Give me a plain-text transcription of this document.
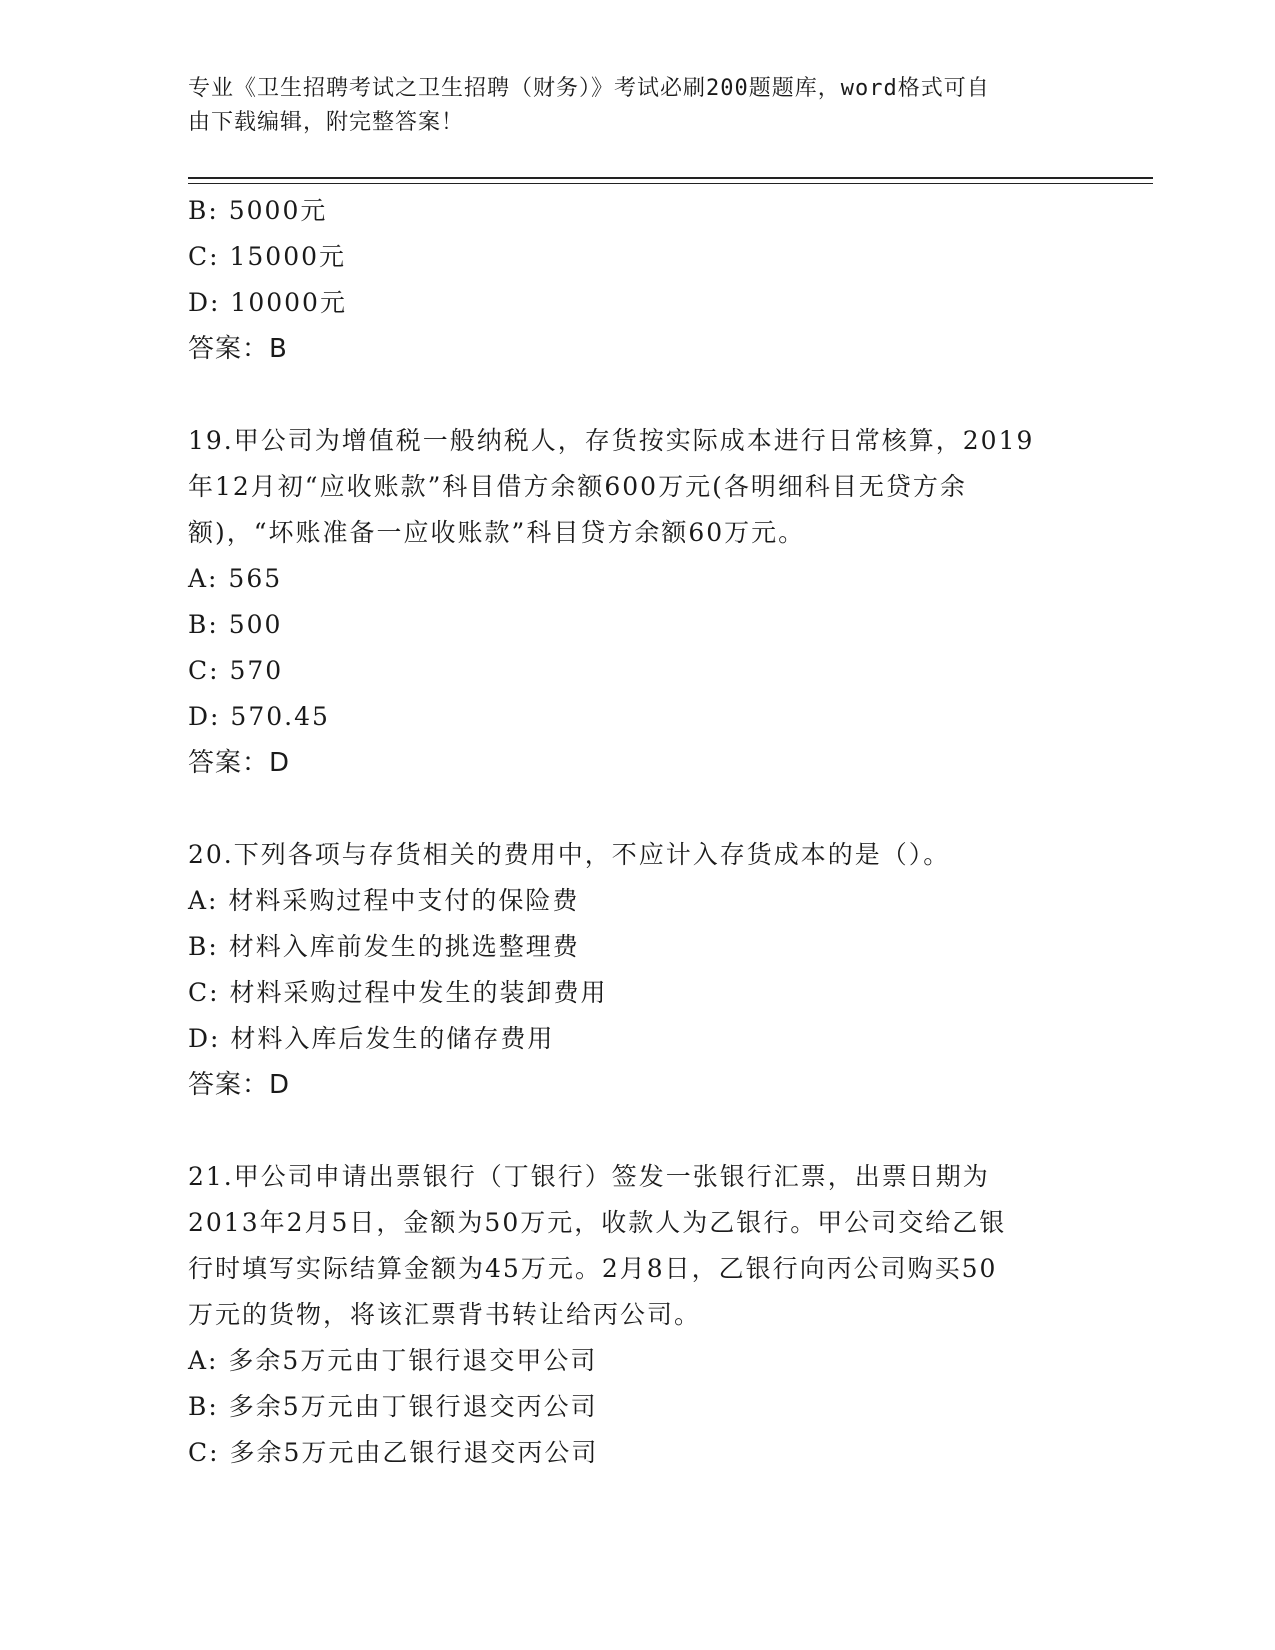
专业《卫生招聘考试之卫生招聘（财务）》考试必刷200题题库，word格式可自
由下载编辑，附完整答案！
B: 5000元
C: 15000元
D: 10000元
答案：B
19.甲公司为增值税一般纳税人，存货按实际成本进行日常核算，2019
年12月初“应收账款”科目借方余额600万元(各明细科目无贷方余
额)，“坏账准备一应收账款”科目贷方余额60万元。
A: 565
B: 500
C: 570
D: 570.45
答案：D
20.下列各项与存货相关的费用中，不应计入存货成本的是（）。
A: 材料采购过程中支付的保险费
B: 材料入库前发生的挑选整理费
C: 材料采购过程中发生的装卸费用
D: 材料入库后发生的储存费用
答案：D
21.甲公司申请出票银行（丁银行）签发一张银行汇票，出票日期为
2013年2月5日，金额为50万元，收款人为乙银行。甲公司交给乙银
行时填写实际结算金额为45万元。2月8日，乙银行向丙公司购买50
万元的货物，将该汇票背书转让给丙公司。
A: 多余5万元由丁银行退交甲公司
B: 多余5万元由丁银行退交丙公司
C: 多余5万元由乙银行退交丙公司
